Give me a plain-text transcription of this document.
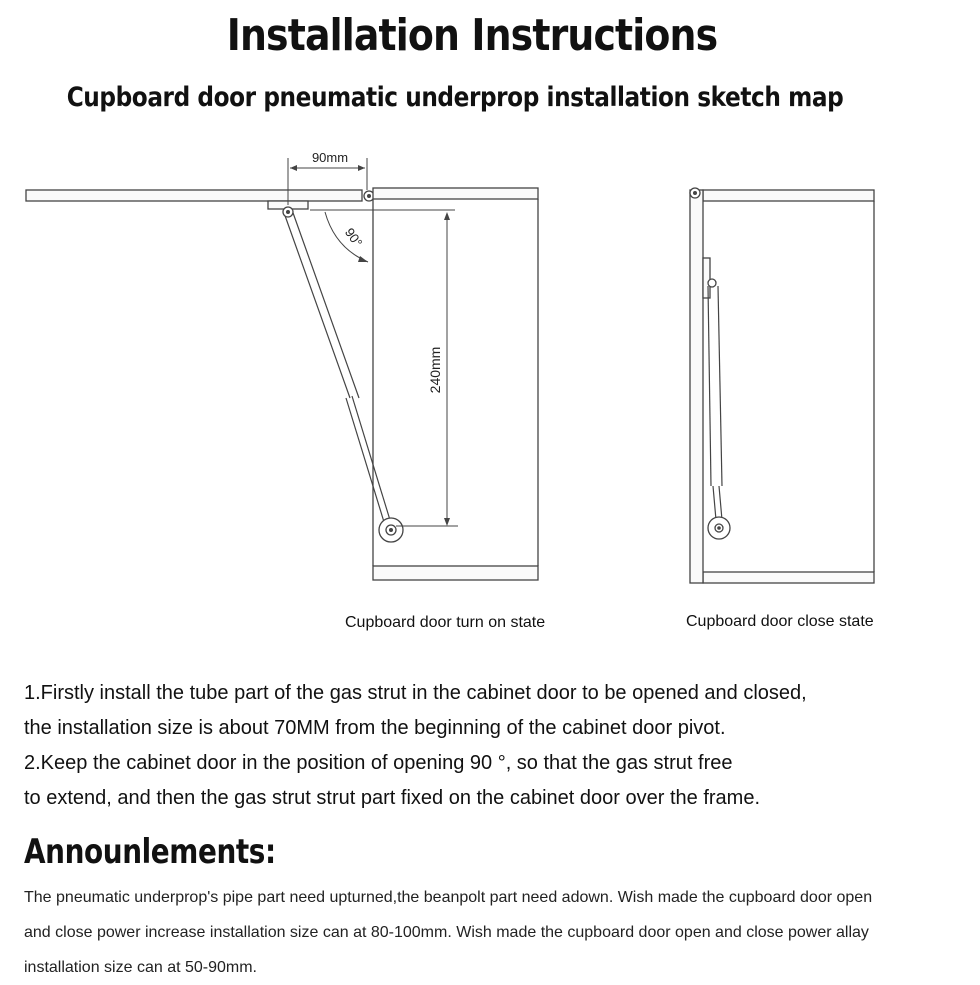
Installation Instructions
Cupboard door pneumatic underprop installation sketch map
90mm
90°
240mm
Cupboard door turn on state	Cupboard door close state
1.Firstly install the tube part of the gas strut in the cabinet door to be opened and closed,
the installation size is about 70MM from the beginning of the cabinet door pivot.
2.Keep the cabinet door in the position of opening 90 °, so that the gas strut free
to extend, and then the gas strut strut part fixed on the cabinet door over the frame.
Announlements:
The pneumatic underprop's pipe part need upturned,the beanpolt part need adown. Wish made the cupboard door open
and close power increase installation size can at 80-100mm. Wish made the cupboard door open and close power allay
installation size can at 50-90mm.
